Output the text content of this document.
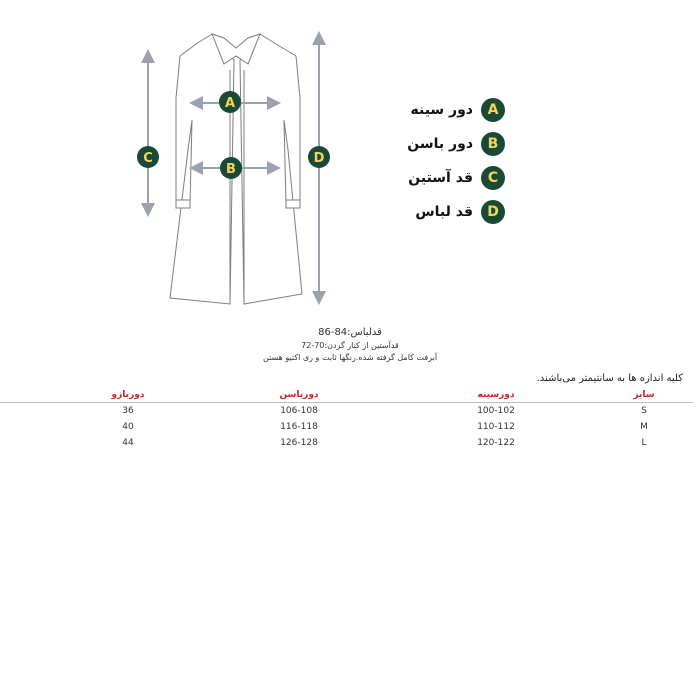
A
B
C	D
دور سینه	A
دور باسن	B
قد آستین	C
قد لباس	D
قدلباس:84-86
قدآستین از کنار گردن:70-72
آبرفت کامل گرفته شده.رنگها ثابت و ری اکتیو هستن
کلیه اندازه ها به سانتیمتر می‌باشند.
سایز	دورسینه	دورباسن	دوربازو					
S	100-102	106-108	36					
M	110-112	116-118	40					
L	120-122	126-128	44					
